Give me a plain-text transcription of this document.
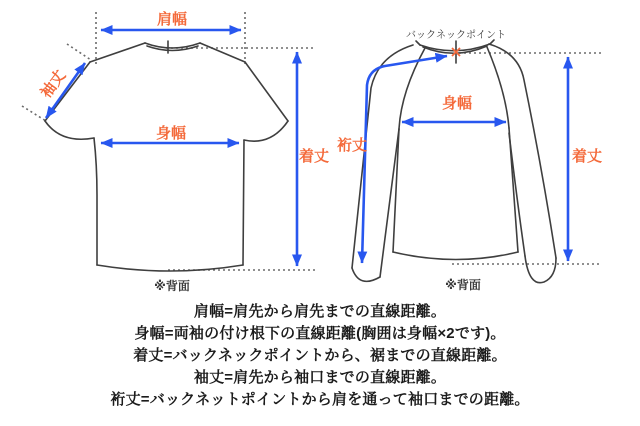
肩幅
袖丈
身幅
着丈
※背面
バックネックポイント
身幅
裄丈
着丈
※背面
肩幅=肩先から肩先までの直線距離。
身幅=両袖の付け根下の直線距離(胸囲は身幅×2です)。
着丈=バックネックポイントから、裾までの直線距離。
袖丈=肩先から袖口までの直線距離。
裄丈=バックネットポイントから肩を通って袖口までの距離。
